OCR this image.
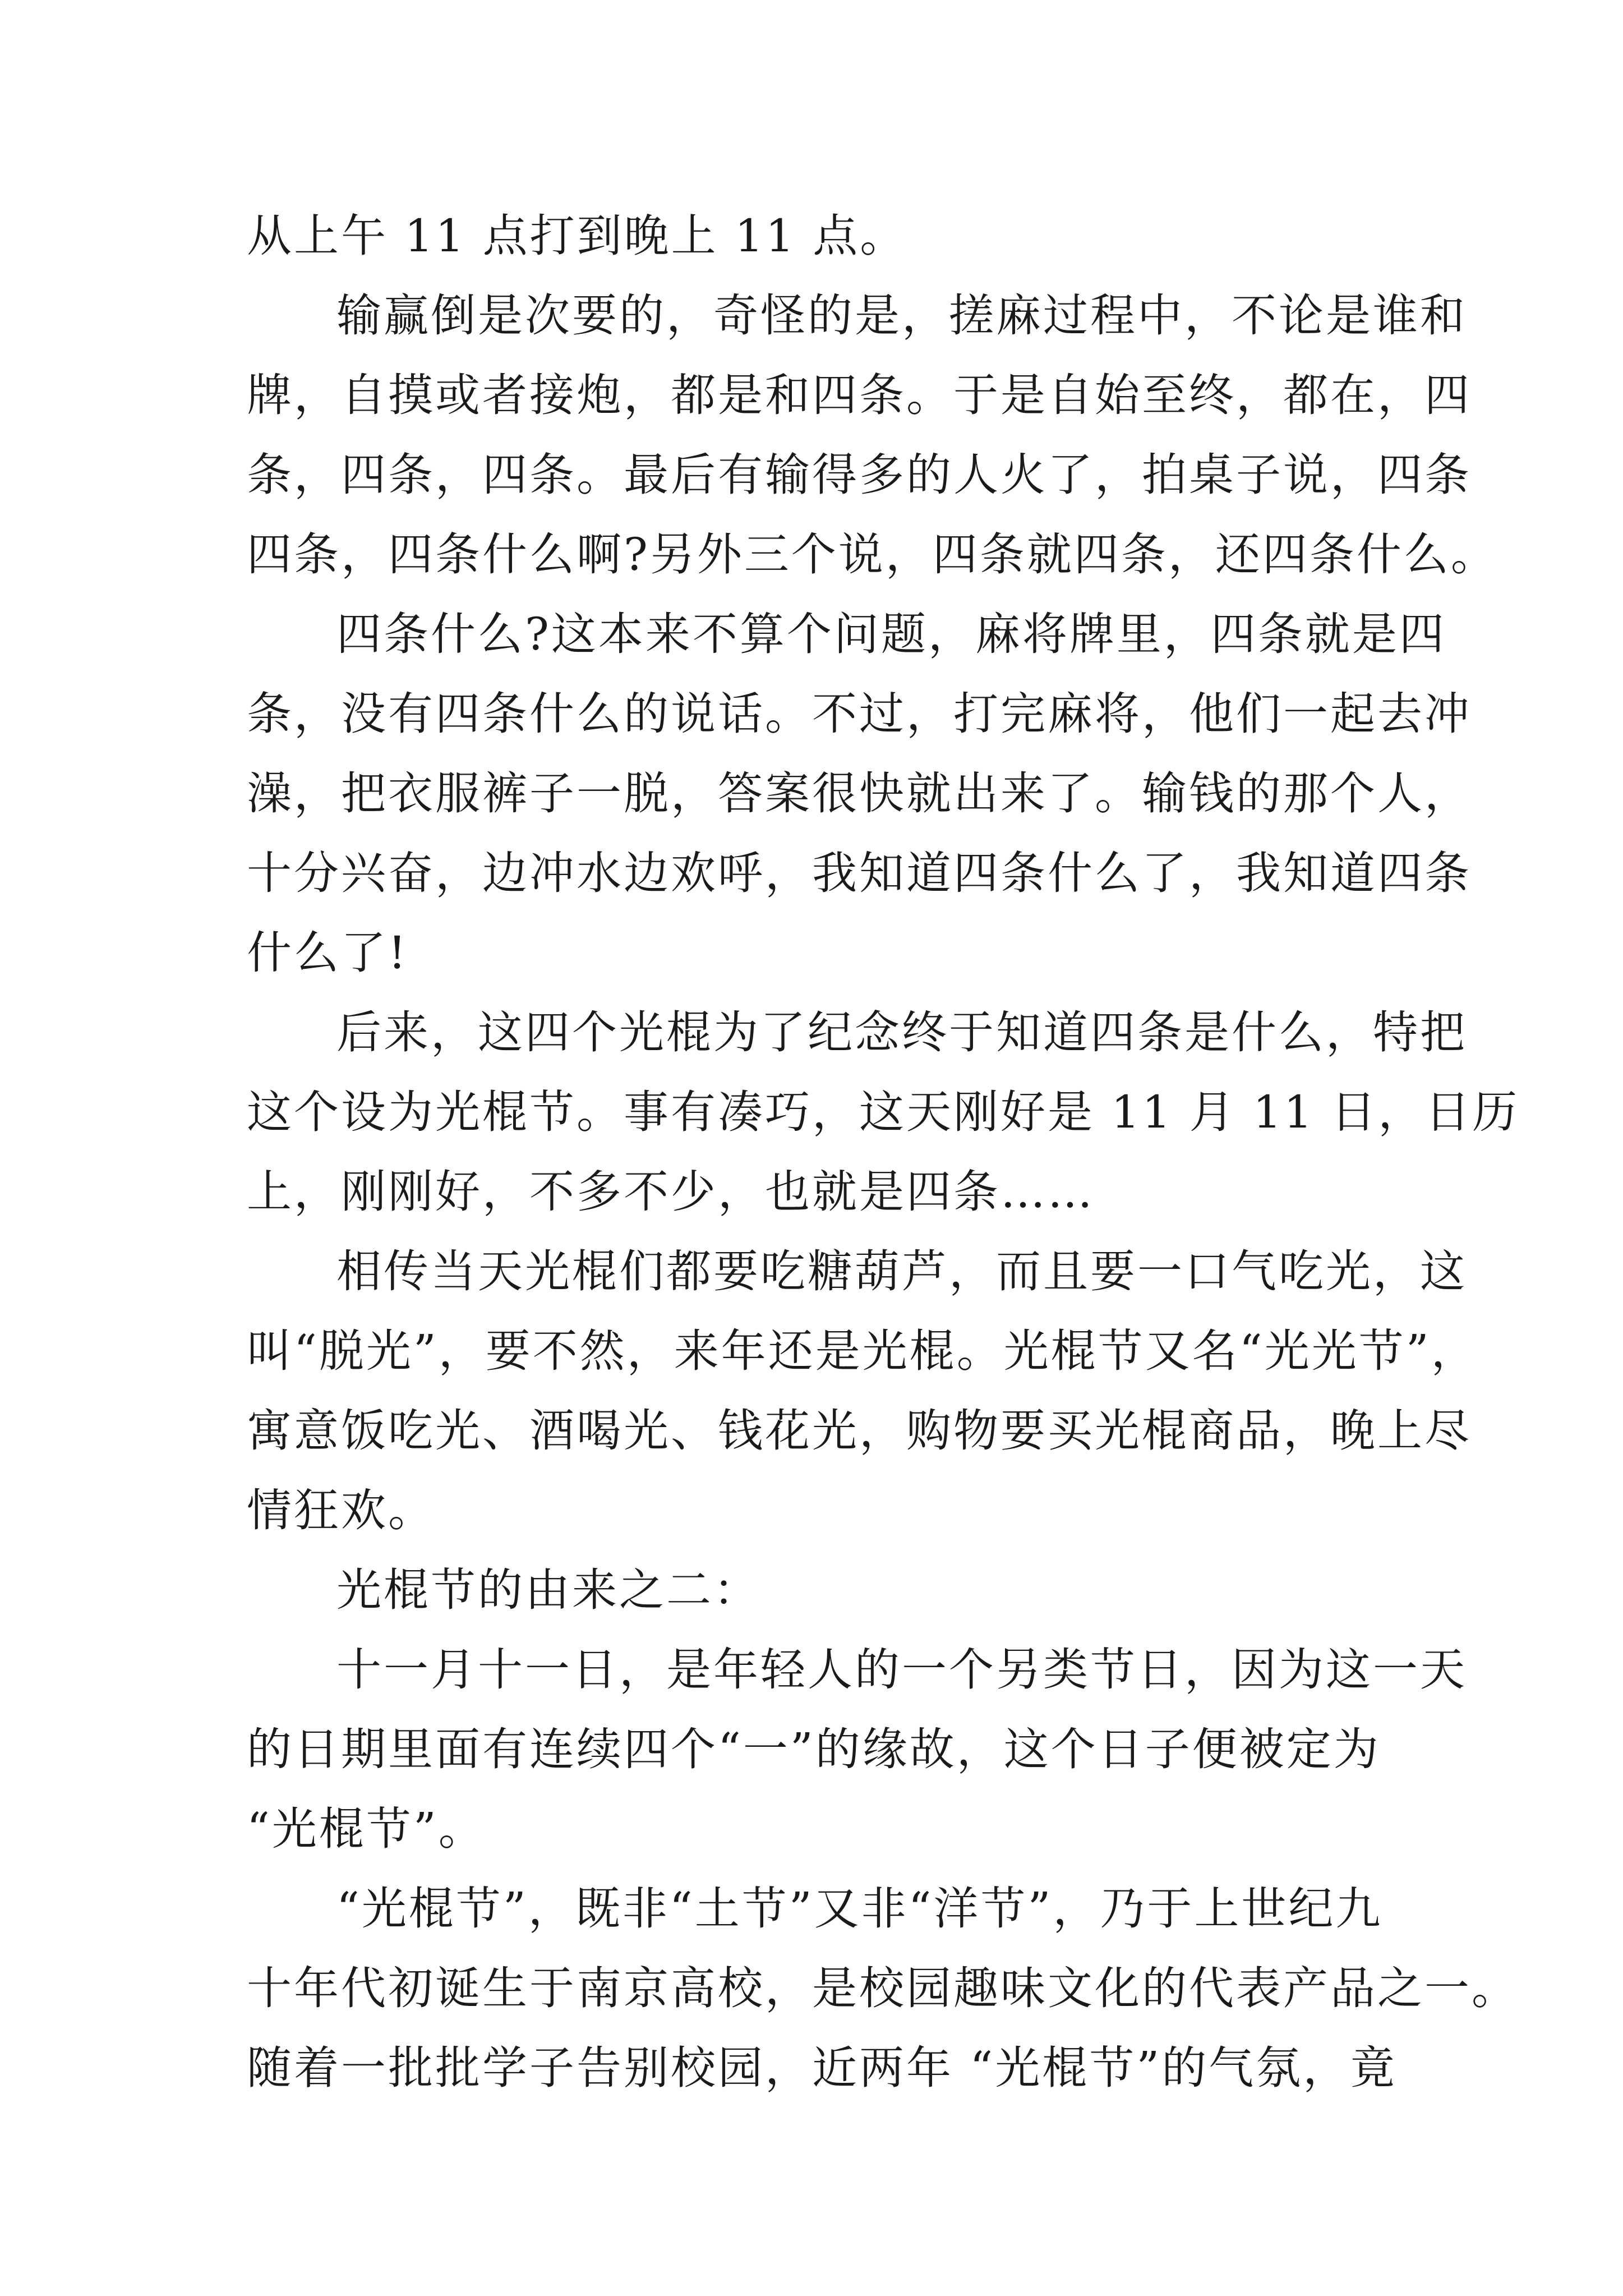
从上午 11 点打到晚上 11 点。
输赢倒是次要的，奇怪的是，搓麻过程中，不论是谁和
牌，自摸或者接炮，都是和四条。于是自始至终，都在，四
条，四条，四条。最后有输得多的人火了，拍桌子说，四条
四条，四条什么啊?另外三个说，四条就四条，还四条什么。
四条什么?这本来不算个问题，麻将牌里，四条就是四
条，没有四条什么的说话。不过，打完麻将，他们一起去冲
澡，把衣服裤子一脱，答案很快就出来了。输钱的那个人，
十分兴奋，边冲水边欢呼，我知道四条什么了，我知道四条
什么了!
后来，这四个光棍为了纪念终于知道四条是什么，特把
这个设为光棍节。事有凑巧，这天刚好是 11 月 11 日，日历
上，刚刚好，不多不少，也就是四条……
相传当天光棍们都要吃糖葫芦，而且要一口气吃光，这
叫“脱光”，要不然，来年还是光棍。光棍节又名“光光节”，
寓意饭吃光、酒喝光、钱花光，购物要买光棍商品，晚上尽
情狂欢。
光棍节的由来之二：
十一月十一日，是年轻人的一个另类节日，因为这一天
的日期里面有连续四个“一”的缘故，这个日子便被定为
“光棍节”。
“光棍节”，既非“土节”又非“洋节”，乃于上世纪九
十年代初诞生于南京高校，是校园趣味文化的代表产品之一。
随着一批批学子告别校园，近两年 “光棍节”的气氛，竟
